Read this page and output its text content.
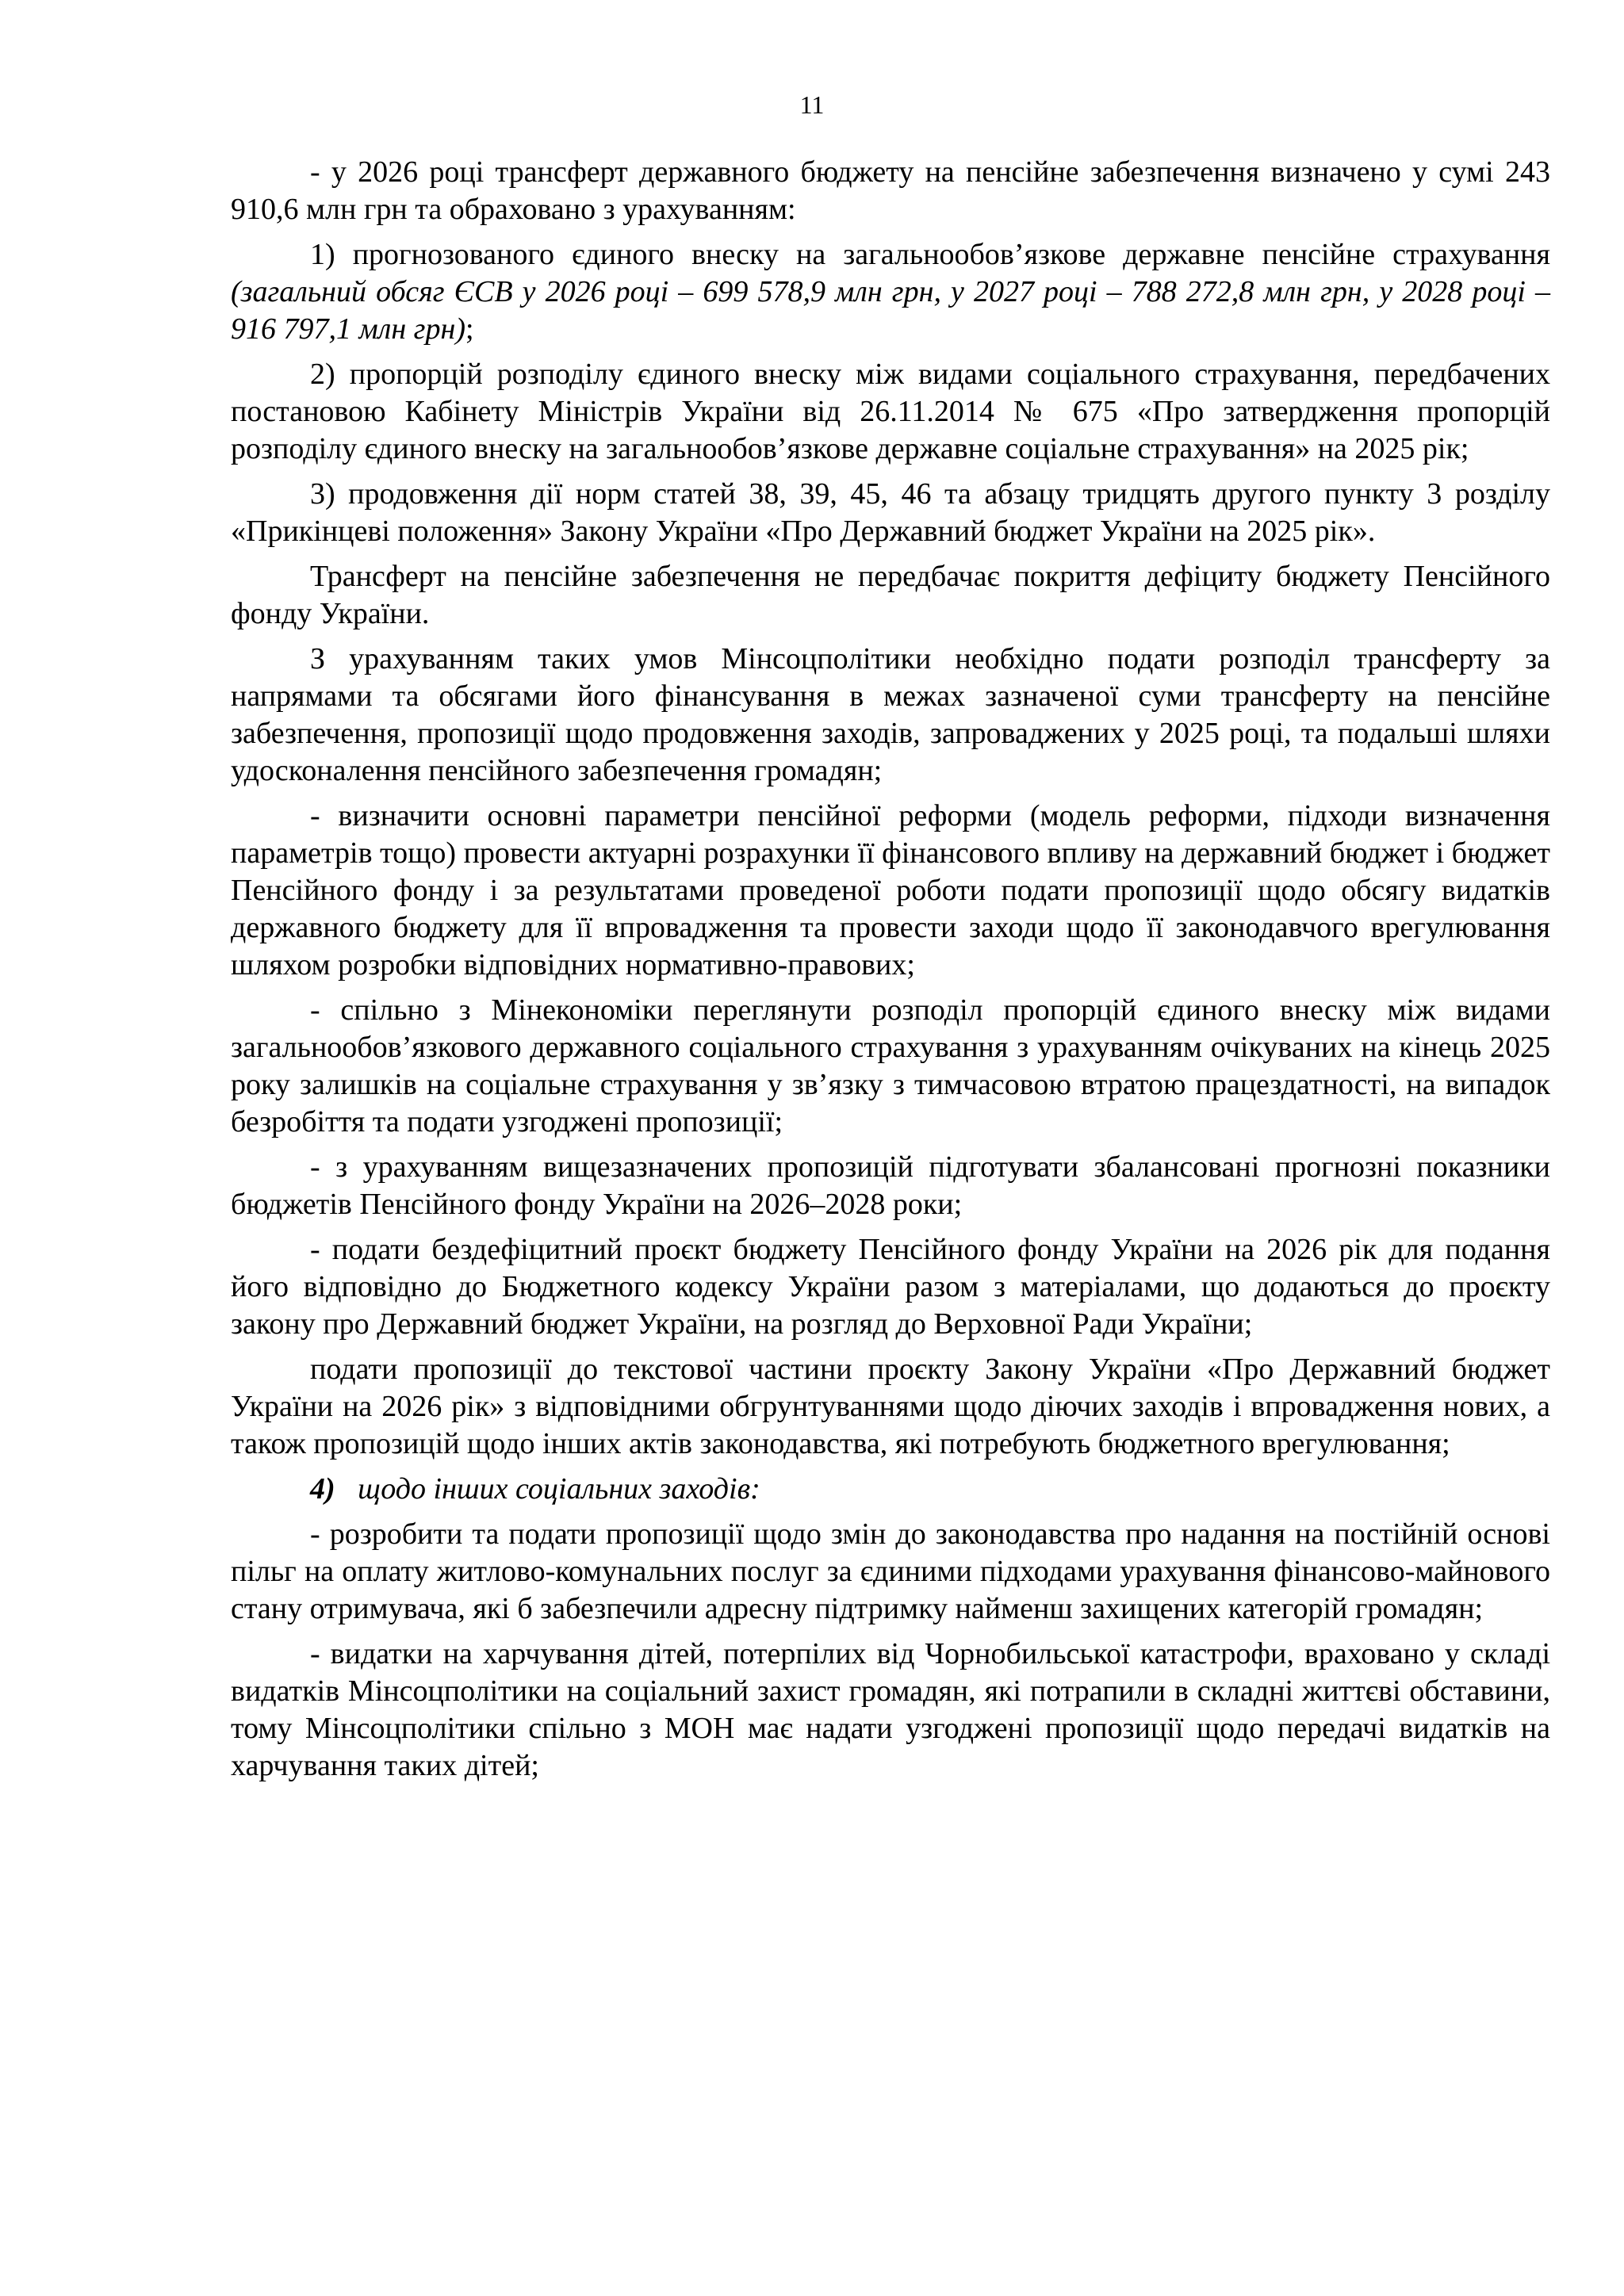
11

- у 2026 році трансферт державного бюджету на пенсійне забезпечення визначено у сумі 243 910,6 млн грн та обраховано з урахуванням:

1) прогнозованого єдиного внеску на загальнообов’язкове державне пенсійне страхування (загальний обсяг ЄСВ у 2026 році – 699 578,9 млн грн, у 2027 році – 788 272,8 млн грн, у 2028 році – 916 797,1 млн грн);

2) пропорцій розподілу єдиного внеску між видами соціального страхування, передбачених постановою Кабінету Міністрів України від 26.11.2014 № 675 «Про затвердження пропорцій розподілу єдиного внеску на загальнообов’язкове державне соціальне страхування» на 2025 рік;

3) продовження дії норм статей 38, 39, 45, 46 та абзацу тридцять другого пункту 3 розділу «Прикінцеві положення» Закону України «Про Державний бюджет України на 2025 рік».

Трансферт на пенсійне забезпечення не передбачає покриття дефіциту бюджету Пенсійного фонду України.

З урахуванням таких умов Мінсоцполітики необхідно подати розподіл трансферту за напрямами та обсягами його фінансування в межах зазначеної суми трансферту на пенсійне забезпечення, пропозиції щодо продовження заходів, запроваджених у 2025 році, та подальші шляхи удосконалення пенсійного забезпечення громадян;

- визначити основні параметри пенсійної реформи (модель реформи, підходи визначення параметрів тощо) провести актуарні розрахунки її фінансового впливу на державний бюджет і бюджет Пенсійного фонду і за результатами проведеної роботи подати пропозиції щодо обсягу видатків державного бюджету для її впровадження та провести заходи щодо її законодавчого врегулювання шляхом розробки відповідних нормативно-правових;

- спільно з Мінекономіки переглянути розподіл пропорцій єдиного внеску між видами загальнообов’язкового державного соціального страхування з урахуванням очікуваних на кінець 2025 року залишків на соціальне страхування у зв’язку з тимчасовою втратою працездатності, на випадок безробіття та подати узгоджені пропозиції;

- з урахуванням вищезазначених пропозицій підготувати збалансовані прогнозні показники бюджетів Пенсійного фонду України на 2026–2028 роки;

- подати бездефіцитний проєкт бюджету Пенсійного фонду України на 2026 рік для подання його відповідно до Бюджетного кодексу України разом з матеріалами, що додаються до проєкту закону про Державний бюджет України, на розгляд до Верховної Ради України;

подати пропозиції до текстової частини проєкту Закону України «Про Державний бюджет України на 2026 рік» з відповідними обгрунтуваннями щодо діючих заходів і впровадження нових, а також пропозицій щодо інших актів законодавства, які потребують бюджетного врегулювання;

4) щодо інших соціальних заходів:

- розробити та подати пропозиції щодо змін до законодавства про надання на постійній основі пільг на оплату житлово-комунальних послуг за єдиними підходами урахування фінансово-майнового стану отримувача, які б забезпечили адресну підтримку найменш захищених категорій громадян;

- видатки на харчування дітей, потерпілих від Чорнобильської катастрофи, враховано у складі видатків Мінсоцполітики на соціальний захист громадян, які потрапили в складні життєві обставини, тому Мінсоцполітики спільно з МОН має надати узгоджені пропозиції щодо передачі видатків на харчування таких дітей;
